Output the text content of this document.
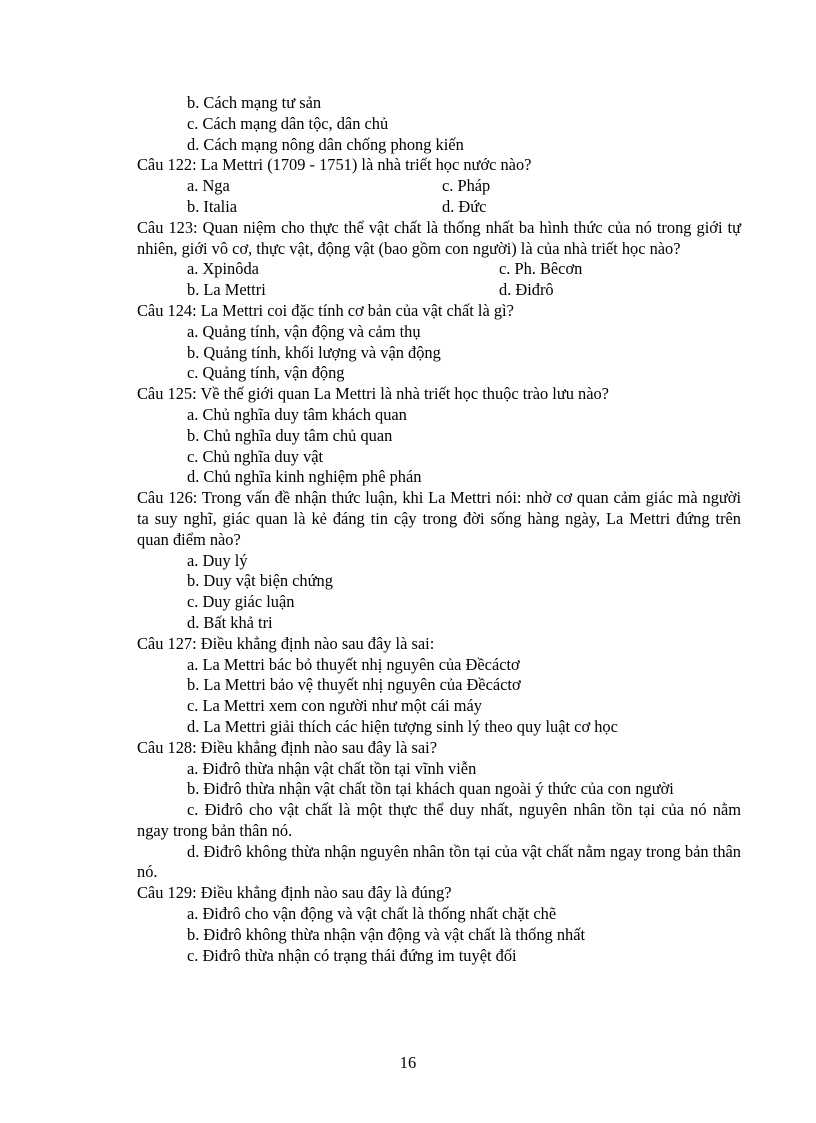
b. Cách mạng tư sản
c. Cách mạng dân tộc, dân chủ
d. Cách mạng nông dân chống phong kiến
Câu 122: La Mettri (1709 - 1751) là nhà triết học nước nào?
a. Nga	c. Pháp
b. Italia	d. Đức
Câu 123: Quan niệm cho thực thể vật chất là thống nhất ba hình thức của nó trong giới tự nhiên, giới vô cơ, thực vật, động vật (bao gồm con người) là của nhà triết học nào?
a. Xpinôda	c. Ph. Bêcơn
b. La Mettri	d. Điđrô
Câu 124: La Mettri coi đặc tính cơ bản của vật chất là gì?
a. Quảng tính, vận động và cảm thụ
b. Quảng tính, khối lượng và vận động
c. Quảng tính, vận động
Câu 125: Về thế giới quan La Mettri là nhà triết học thuộc trào lưu nào?
a. Chủ nghĩa duy tâm khách quan
b. Chủ nghĩa duy tâm chủ quan
c. Chủ nghĩa duy vật
d. Chủ nghĩa kinh nghiệm phê phán
Câu 126: Trong vấn đề nhận thức luận, khi La Mettri nói: nhờ cơ quan cảm giác mà người ta suy nghĩ, giác quan là kẻ đáng tin cậy trong đời sống hàng ngày, La Mettri đứng trên quan điểm nào?
a. Duy lý
b. Duy vật biện chứng
c. Duy giác luận
d. Bất khả tri
Câu 127: Điều khẳng định nào sau đây là sai:
a. La Mettri bác bỏ thuyết nhị nguyên của Đềcáctơ
b. La Mettri bảo vệ thuyết nhị nguyên của Đềcáctơ
c. La Mettri xem con người như một cái máy
d. La Mettri giải thích các hiện tượng sinh lý theo quy luật cơ học
Câu 128: Điều khẳng định nào sau đây là sai?
a. Điđrô thừa nhận vật chất tồn tại vĩnh viễn
b. Điđrô thừa nhận vật chất tồn tại khách quan ngoài ý thức của con người
c. Điđrô cho vật chất là một thực thể duy nhất, nguyên nhân tồn tại của nó nằm ngay trong bản thân nó.
d. Điđrô không thừa nhận nguyên nhân tồn tại của vật chất nằm ngay trong bản thân nó.
Câu 129: Điều khẳng định nào sau đây là đúng?
a. Điđrô cho vận động và vật chất là thống nhất chặt chẽ
b. Điđrô không thừa nhận vận động và vật chất là thống nhất
c. Điđrô thừa nhận có trạng thái đứng im tuyệt đối
16
